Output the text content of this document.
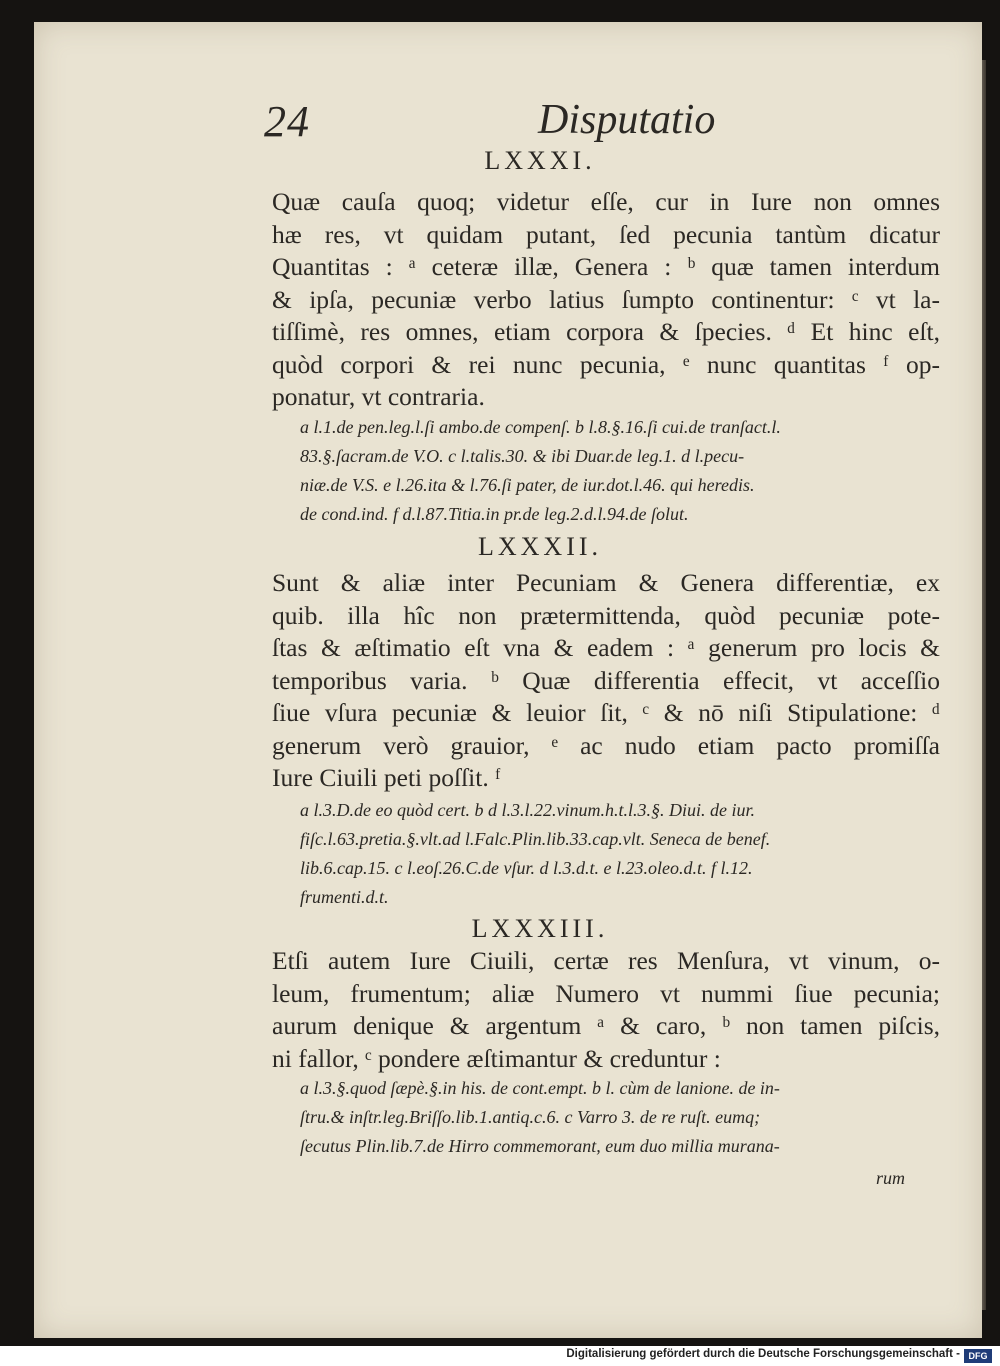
24	Disputatio
LXXXI.
Quæ cauſa quoq; videtur eſſe, cur in Iure non omnes
hæ res, vt quidam putant, ſed pecunia tantùm dicatur
Quantitas : ᵃ ceteræ illæ, Genera : ᵇ quæ tamen interdum
& ipſa, pecuniæ verbo latius ſumpto continentur: ᶜ vt la-
tiſſimè, res omnes, etiam corpora & ſpecies. ᵈ Et hinc eſt,
quòd corpori & rei nunc pecunia, ᵉ nunc quantitas ᶠ op-
ponatur, vt contraria.
a l.1.de pen.leg.l.ſi ambo.de compenſ. b l.8.§.16.ſi cui.de tranſact.l.
83.§.ſacram.de V.O. c l.talis.30. & ibi Duar.de leg.1. d l.pecu-
niæ.de V.S. e l.26.ita & l.76.ſi pater, de iur.dot.l.46. qui heredis.
de cond.ind. f d.l.87.Titia.in pr.de leg.2.d.l.94.de ſolut.
LXXXII.
Sunt & aliæ inter Pecuniam & Genera differentiæ, ex
quib. illa hîc non prætermittenda, quòd pecuniæ pote-
ſtas & æſtimatio eſt vna & eadem : ᵃ generum pro locis &
temporibus varia. ᵇ Quæ differentia effecit, vt acceſſio
ſiue vſura pecuniæ & leuior ſit, ᶜ & nō niſi Stipulatione: ᵈ
generum verò grauior, ᵉ ac nudo etiam pacto promiſſa
Iure Ciuili peti poſſit. ᶠ
a l.3.D.de eo quòd cert. b d l.3.l.22.vinum.h.t.l.3.§. Diui. de iur.
fiſc.l.63.pretia.§.vlt.ad l.Falc.Plin.lib.33.cap.vlt. Seneca de benef.
lib.6.cap.15. c l.eoſ.26.C.de vſur. d l.3.d.t. e l.23.oleo.d.t. f l.12.
frumenti.d.t.
LXXXIII.
Etſi autem Iure Ciuili, certæ res Menſura, vt vinum, o-
leum, frumentum; aliæ Numero vt nummi ſiue pecunia;
aurum denique & argentum ᵃ & caro, ᵇ non tamen piſcis,
ni fallor, ᶜ pondere æſtimantur & creduntur :
a l.3.§.quod ſæpè.§.in his. de cont.empt. b l. cùm de lanione. de in-
ſtru.& inſtr.leg.Briſſo.lib.1.antiq.c.6. c Varro 3. de re ruſt. eumq;
ſecutus Plin.lib.7.de Hirro commemorant, eum duo millia murana-
rum
Digitalisierung gefördert durch die Deutsche Forschungsgemeinschaft - DFG
